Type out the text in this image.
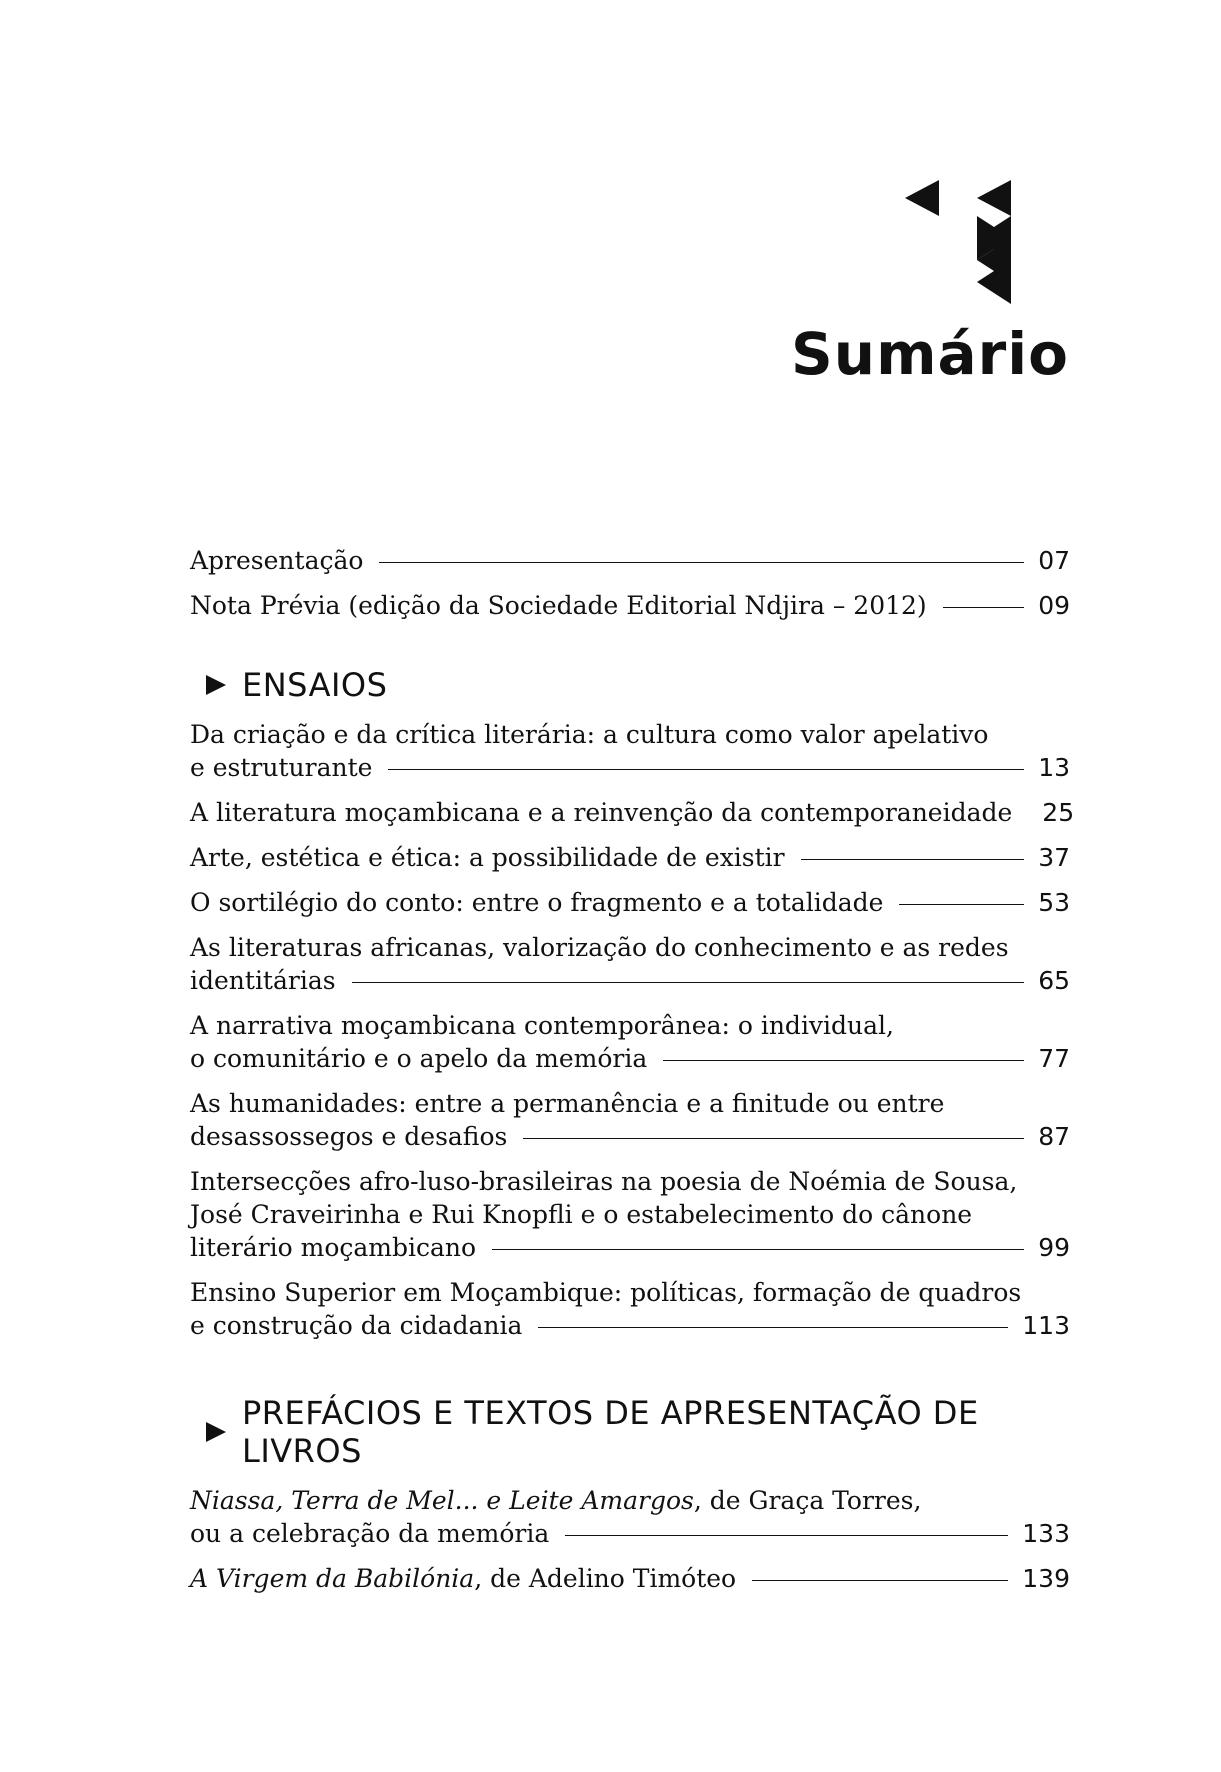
Sumário
Apresentação	07
Nota Prévia (edição da Sociedade Editorial Ndjira – 2012)	09
ENSAIOS
Da criação e da crítica literária: a cultura como valor apelativo
e estruturante	13
A literatura moçambicana e a reinvenção da contemporaneidade 25
Arte, estética e ética: a possibilidade de existir	37
O sortilégio do conto: entre o fragmento e a totalidade	53
As literaturas africanas, valorização do conhecimento e as redes
identitárias	65
A narrativa moçambicana contemporânea: o individual,
o comunitário e o apelo da memória	77
As humanidades: entre a permanência e a finitude ou entre
desassossegos e desafios	87
Intersecções afro-luso-brasileiras na poesia de Noémia de Sousa,
José Craveirinha e Rui Knopfli e o estabelecimento do cânone
literário moçambicano	99
Ensino Superior em Moçambique: políticas, formação de quadros
e construção da cidadania	113
PREFÁCIOS E TEXTOS DE APRESENTAÇÃO DE LIVROS
Niassa, Terra de Mel... e Leite Amargos, de Graça Torres,
ou a celebração da memória	133
A Virgem da Babilónia, de Adelino Timóteo	139
